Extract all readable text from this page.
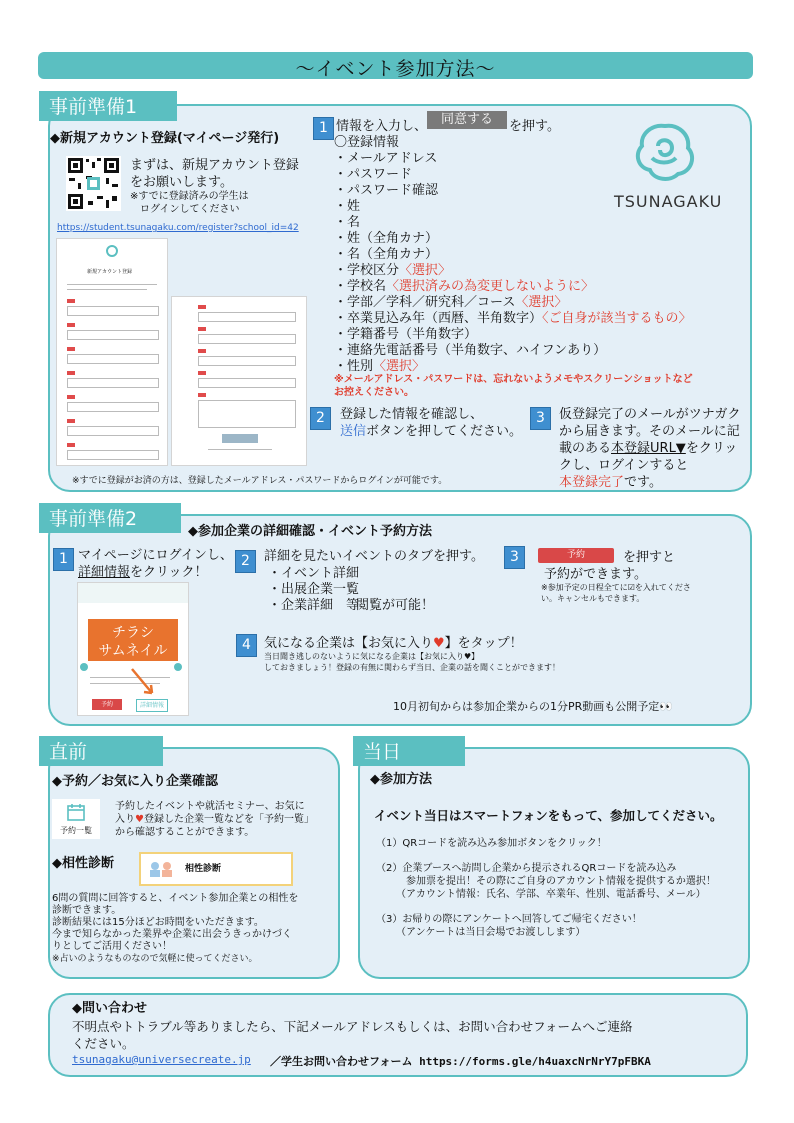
〜イベント参加方法〜
事前準備1
◆新規アカウント登録(マイページ発行)
まずは、新規アカウント登録
をお願いします。
※すでに登録済みの学生は
ログインしてください
https://student.tsunagaku.com/register?school_id=42
新規アカウント登録
※すでに登録がお済の方は、登録したメールアドレス・パスワードからログインが可能です。
1 情報を入力し、	同意する	を押す。
〇登録情報
・メールアドレス
・パスワード
・パスワード確認
・姓
・名
・姓（全角カナ）
・名（全角カナ）
・学校区分〈選択〉
・学校名〈選択済みの為変更しないように〉
・学部／学科／研究科／コース〈選択〉
・卒業見込み年（西暦、半角数字）〈ご自身が該当するもの〉
・学籍番号（半角数字）
・連絡先電話番号（半角数字、ハイフンあり）
・性別〈選択〉
※メールアドレス・パスワードは、忘れないようメモやスクリーンショットなど
お控えください。
TSUNAGAKU
2	登録した情報を確認し、
送信ボタンを押してください。
3	仮登録完了のメールがツナガク
から届きます。そのメールに記
載のある本登録URL▼をクリッ
クし、ログインすると
本登録完了です。
事前準備2
◆参加企業の詳細確認・イベント予約方法
1 マイページにログインし、
詳細情報をクリック！
チラシ
サムネイル
予約	詳細情報
2	詳細を見たいイベントのタブを押す。
・イベント詳細
・出展企業一覧
・企業詳細　等
閲覧が可能！
3	予約	を押すと
予約ができます。
※参加予定の日程全てに☑を入れてくださ
い。キャンセルもできます。
4	気になる企業は【お気に入り♥】をタップ！
当日聞き逃しのないように気になる企業は【お気に入り♥】
しておきましょう！登録の有無に関わらず当日、企業の話を聞くことができます！
10月初旬からは参加企業からの1分PR動画も公開予定👀
直前
◆予約／お気に入り企業確認
予約一覧
予約したイベントや就活セミナー、お気に
入り♥登録した企業一覧などを「予約一覧」
から確認することができます。
◆相性診断	相性診断
6問の質問に回答すると、イベント参加企業との相性を
診断できます。
診断結果には15分ほどお時間をいただきます。
今まで知らなかった業界や企業に出会うきっかけづく
りとしてご活用ください！
※占いのようなものなので気軽に使ってください。
当日
◆参加方法
イベント当日はスマートフォンをもって、参加してください。
（1）QRコードを読み込み参加ボタンをクリック！
（2）企業ブースへ訪問し企業から提示されるQRコードを読み込み
参加票を提出！その際にご自身のアカウント情報を提供するか選択！
（アカウント情報：氏名、学部、卒業年、性別、電話番号、メール）
（3）お帰りの際にアンケートへ回答してご帰宅ください！
（アンケートは当日会場でお渡しします）
◆問い合わせ
不明点やトトラブル等ありましたら、下記メールアドレスもしくは、お問い合わせフォームへご連絡
ください。
tsunagaku@universecreate.jp ／学生お問い合わせフォーム https://forms.gle/h4uaxcNrNrY7pFBKA
